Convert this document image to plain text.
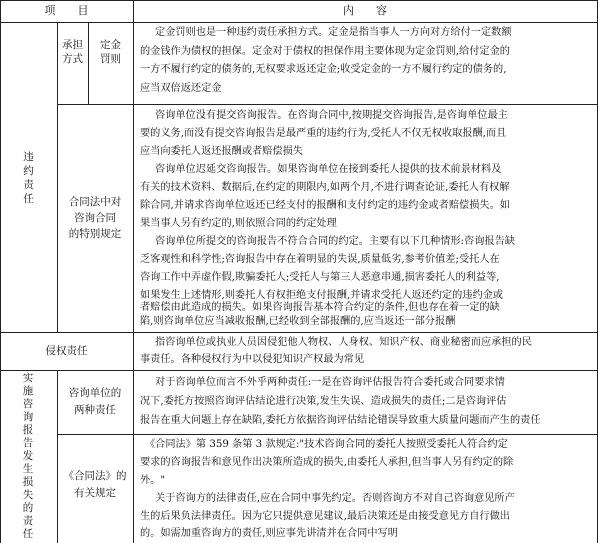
项　　目	内　　容
违
约
责
任
承担
方式
定金
罚则
定金罚则也是一种违约责任承担方式。定金是指当事人一方向对方给付一定数额
的金钱作为债权的担保。定金对于债权的担保作用主要体现为定金罚则,给付定金的
一方不履行约定的债务的,无权要求返还定金;收受定金的一方不履行约定的债务的,
应当双倍返还定金
合同法中对
咨询合同
的特别规定
咨询单位没有提交咨询报告。在咨询合同中,按期提交咨询报告,是咨询单位最主
要的义务,而没有提交咨询报告是最严重的违约行为,受托人不仅无权收取报酬,而且
应当向委托人返还报酬或者赔偿损失
咨询单位迟延交咨询报告。如果咨询单位在接到委托人提供的技术前景材料及
有关的技术资料、数据后,在约定的期限内,如两个月,不进行调查论证,委托人有权解
除合同,并请求咨询单位返还已经支付的报酬和支付约定的违约金或者赔偿损失。如
果当事人另有约定的,则依照合同的约定处理
咨询单位所提交的咨询报告不符合合同的约定。主要有以下几种情形:咨询报告缺
乏客观性和科学性;咨询报告中存在着明显的失误,质量低劣,参考价值差;受托人在
咨询工作中弄虚作假,欺骗委托人;受托人与第三人恶意串通,损害委托人的利益等,
如果发生上述情形,则委托人有权拒绝支付报酬,并请求受托人返还约定的违约金或
者赔偿由此造成的损失。如果咨询报告基本符合约定的条件,但也存在着一定的缺
陷,则咨询单位应当减收报酬,已经收到全部报酬的,应当返还一部分报酬
侵权责任
指咨询单位或执业人员因侵犯他人物权、人身权、知识产权、商业秘密而应承担的民
事责任。各种侵权行为中以侵犯知识产权最为常见
实
施
咨
询
报
告
发
生
损
失
的
责
任
咨询单位的
两种责任
对于咨询单位而言不外乎两种责任:一是在咨询评估报告符合委托或合同要求情
况下,委托方按照咨询评估结论进行决策,发生失误、造成损失的责任;二是咨询评估
报告在重大问题上存在缺陷,委托方依据咨询评估结论错误导致重大质量问题而产生的责任
《合同法》的
有关规定
《合同法》第 359 条第 3 款规定:"技术咨询合同的委托人按照受委托人符合约定
要求的咨询报告和意见作出决策所造成的损失,由委托人承担,但当事人另有约定的除
外。"
关于咨询方的法律责任,应在合同中事先约定。否则咨询方不对自己咨询意见所产
生的后果负法律责任。因为它只提供意见建议,最后决策还是由接受意见方自行做出
的。如需加重咨询方的责任,则应事先讲清并在合同中写明
